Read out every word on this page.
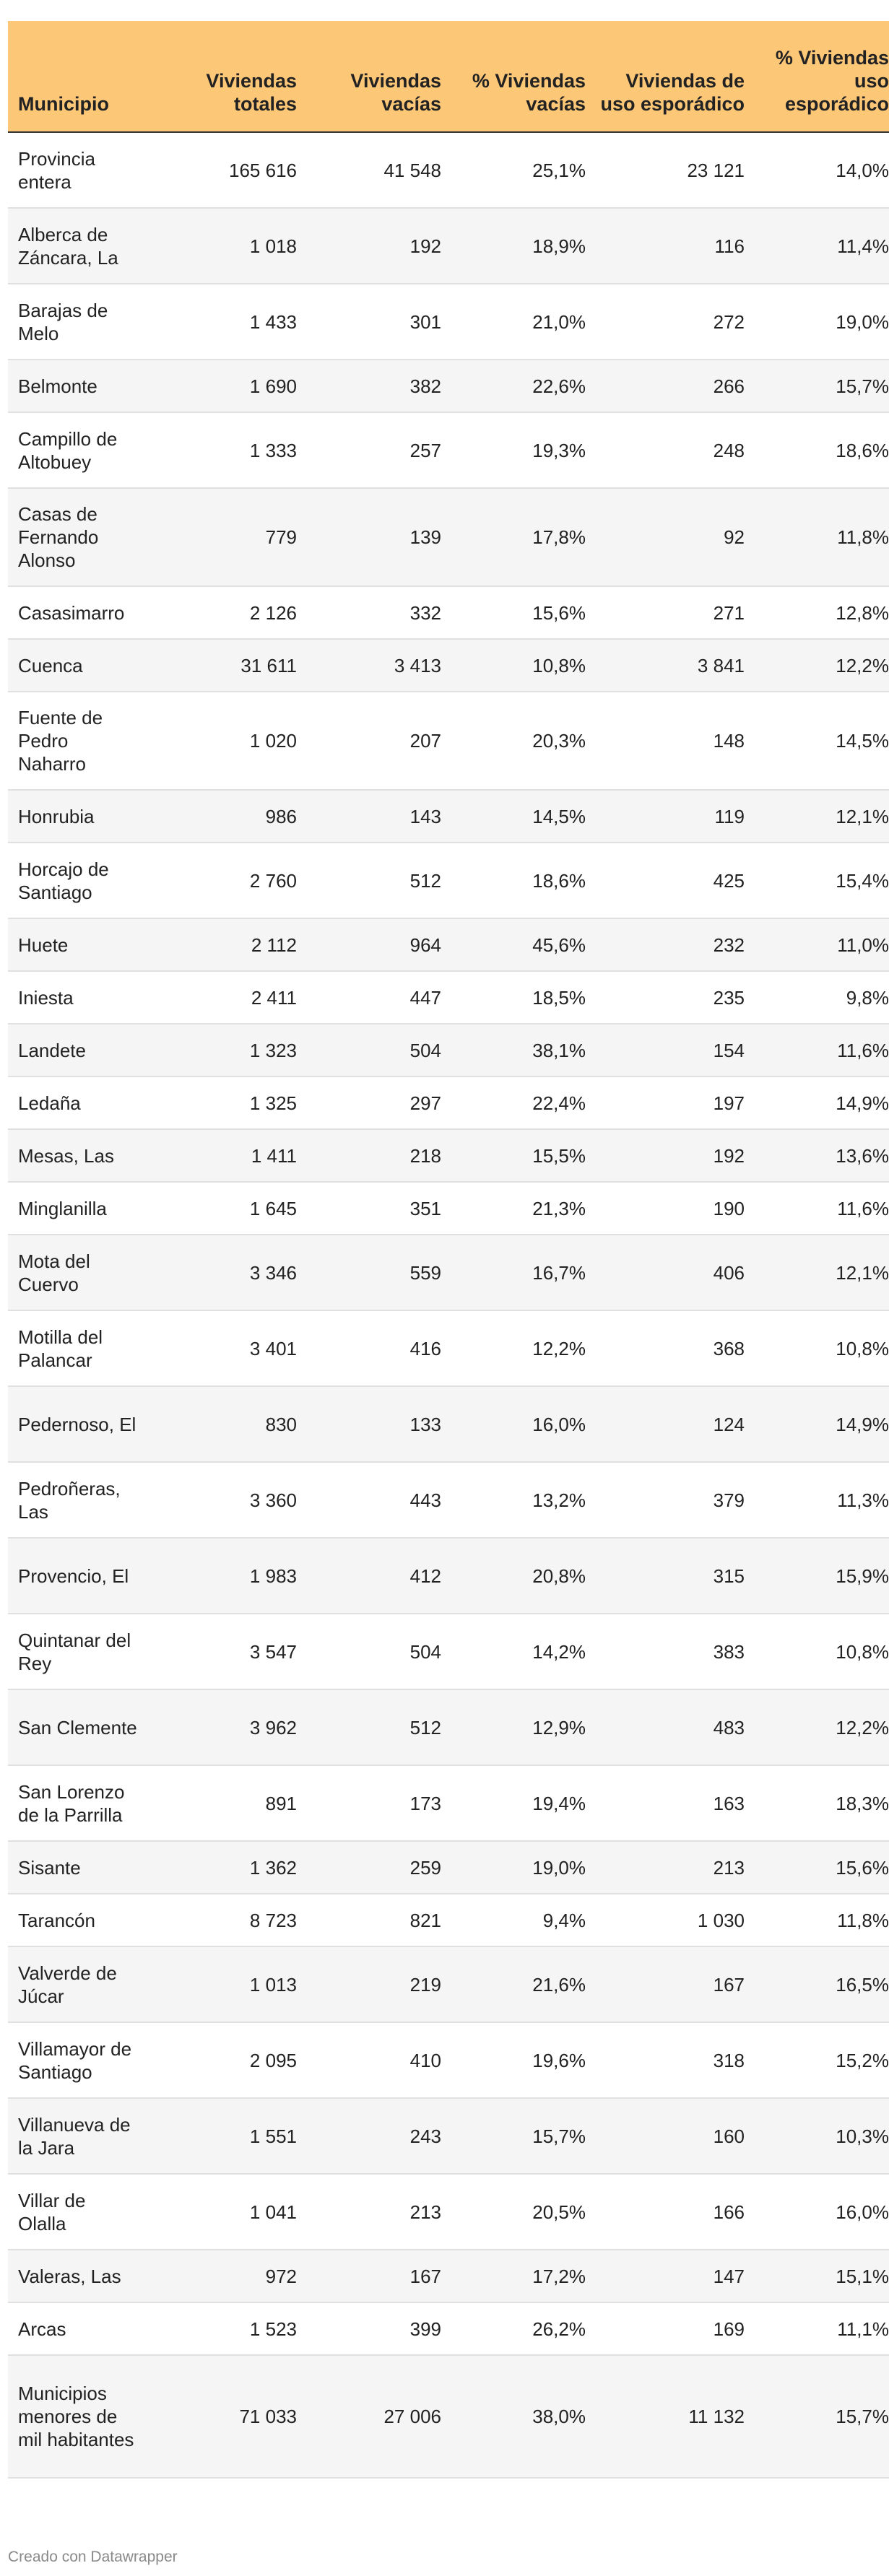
Municipio	Viviendas totales	Viviendas vacías	% Viviendas vacías	Viviendas de uso esporádico	% Viviendas uso esporádico
Provincia entera	165 616	41 548	25,1%	23 121	14,0%
Alberca de Záncara, La	1 018	192	18,9%	116	11,4%
Barajas de Melo	1 433	301	21,0%	272	19,0%
Belmonte	1 690	382	22,6%	266	15,7%
Campillo de Altobuey	1 333	257	19,3%	248	18,6%
Casas de Fernando Alonso	779	139	17,8%	92	11,8%
Casasimarro	2 126	332	15,6%	271	12,8%
Cuenca	31 611	3 413	10,8%	3 841	12,2%
Fuente de Pedro Naharro	1 020	207	20,3%	148	14,5%
Honrubia	986	143	14,5%	119	12,1%
Horcajo de Santiago	2 760	512	18,6%	425	15,4%
Huete	2 112	964	45,6%	232	11,0%
Iniesta	2 411	447	18,5%	235	9,8%
Landete	1 323	504	38,1%	154	11,6%
Ledaña	1 325	297	22,4%	197	14,9%
Mesas, Las	1 411	218	15,5%	192	13,6%
Minglanilla	1 645	351	21,3%	190	11,6%
Mota del Cuervo	3 346	559	16,7%	406	12,1%
Motilla del Palancar	3 401	416	12,2%	368	10,8%
Pedernoso, El	830	133	16,0%	124	14,9%
Pedroñeras, Las	3 360	443	13,2%	379	11,3%
Provencio, El	1 983	412	20,8%	315	15,9%
Quintanar del Rey	3 547	504	14,2%	383	10,8%
San Clemente	3 962	512	12,9%	483	12,2%
San Lorenzo de la Parrilla	891	173	19,4%	163	18,3%
Sisante	1 362	259	19,0%	213	15,6%
Tarancón	8 723	821	9,4%	1 030	11,8%
Valverde de Júcar	1 013	219	21,6%	167	16,5%
Villamayor de Santiago	2 095	410	19,6%	318	15,2%
Villanueva de la Jara	1 551	243	15,7%	160	10,3%
Villar de Olalla	1 041	213	20,5%	166	16,0%
Valeras, Las	972	167	17,2%	147	15,1%
Arcas	1 523	399	26,2%	169	11,1%
Municipios menores de mil habitantes	71 033	27 006	38,0%	11 132	15,7%
Creado con Datawrapper
